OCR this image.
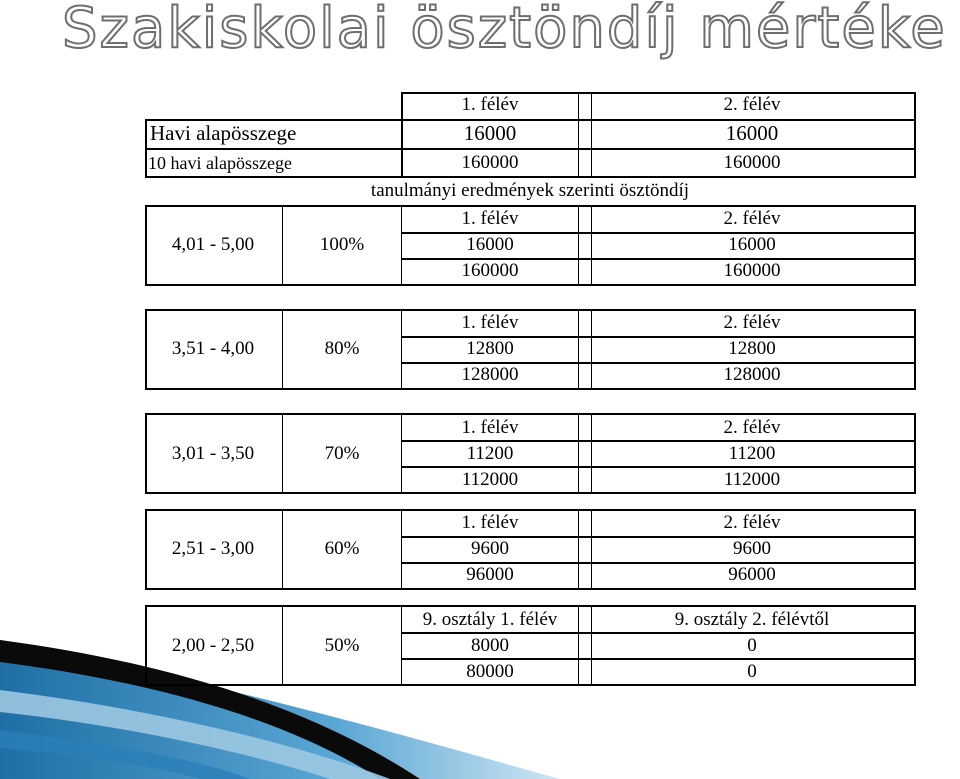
Szakiskolai ösztöndíj mértéke
1. félév	2. félév
Havi alapösszege	16000	16000
10 havi alapösszege	160000	160000
tanulmányi eredmények szerinti ösztöndíj
4,01 - 5,00	100%
1. félév	2. félév
16000	16000
160000	160000
3,51 - 4,00	80%
1. félév	2. félév
12800	12800
128000	128000
3,01 - 3,50	70%
1. félév	2. félév
11200	11200
112000	112000
2,51 - 3,00	60%
1. félév	2. félév
9600	9600
96000	96000
2,00 - 2,50	50%
9. osztály 1. félév	9. osztály 2. félévtől
8000	0
80000	0
